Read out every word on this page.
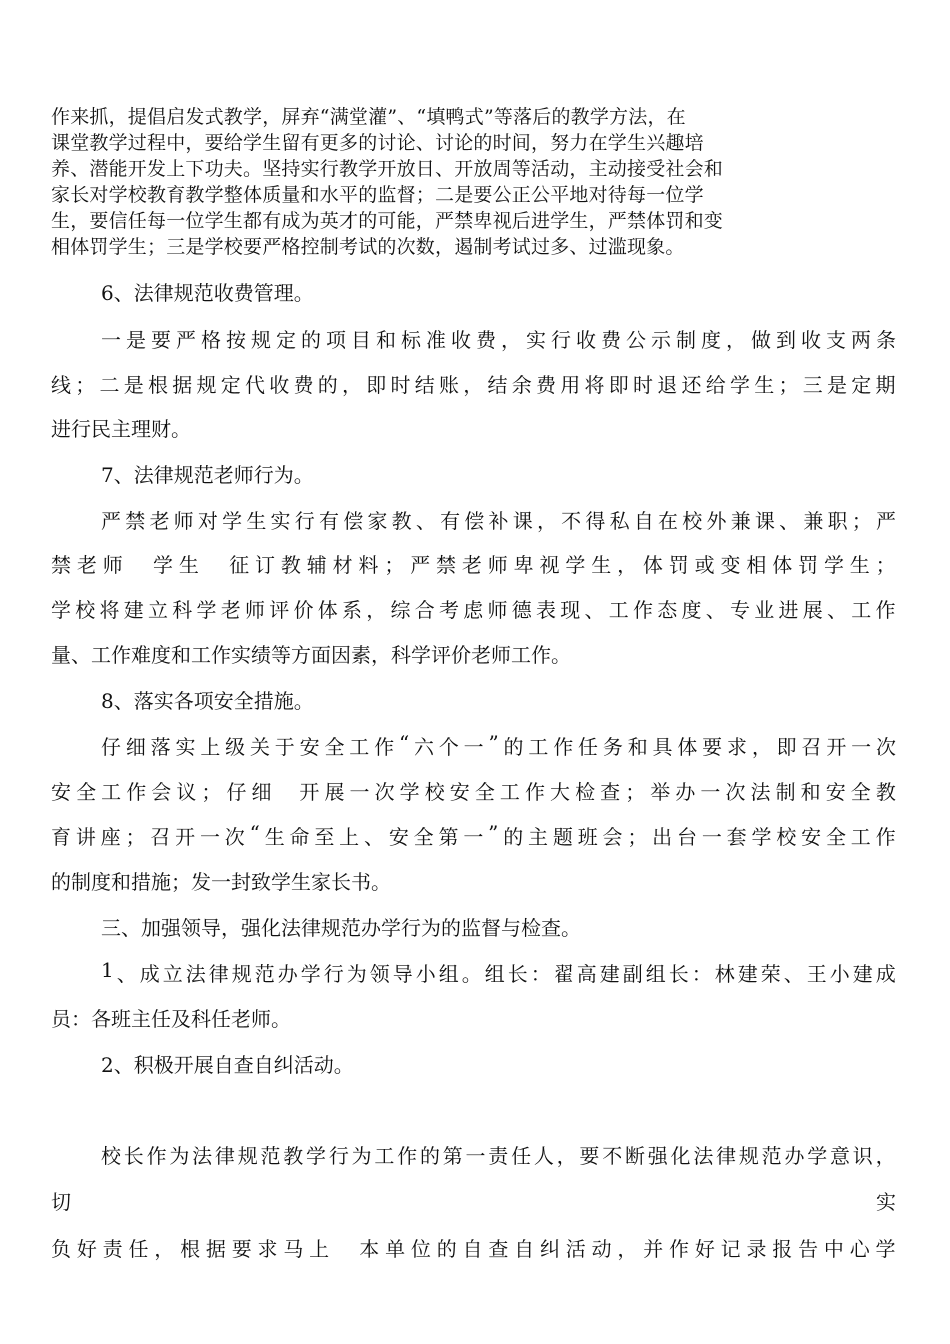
作来抓，提倡启发式教学，屏弃“满堂灌”、“填鸭式”等落后的教学方法，在
课堂教学过程中，要给学生留有更多的讨论、讨论的时间，努力在学生兴趣培
养、潜能开发上下功夫。坚持实行教学开放日、开放周等活动，主动接受社会和
家长对学校教育教学整体质量和水平的监督；二是要公正公平地对待每一位学
生，要信任每一位学生都有成为英才的可能，严禁卑视后进学生，严禁体罚和变
相体罚学生；三是学校要严格控制考试的次数，遏制考试过多、过滥现象。
6、法律规范收费管理。
一 是 要 严 格 按 规 定 的 项 目 和 标 准 收 费 ， 实 行 收 费 公 示 制 度 ， 做 到 收 支 两 条
线 ； 二 是 根 据 规 定 代 收 费 的 ， 即 时 结 账 ， 结 余 费 用 将 即 时 退 还 给 学 生 ； 三 是 定 期
进行民主理财。
7、法律规范老师行为。
严 禁 老 师 对 学 生 实 行 有 偿 家 教 、 有 偿 补 课 ， 不 得 私 自 在 校 外 兼 课 、 兼 职 ； 严
禁 老 师

学 生

征 订 教 辅 材 料 ； 严 禁 老 师 卑 视 学 生 ， 体 罚 或 变 相 体 罚 学 生 ；
学 校 将 建 立 科 学 老 师 评 价 体 系 ， 综 合 考 虑 师 德 表 现 、 工 作 态 度 、 专 业 进 展 、 工 作
量、工作难度和工作实绩等方面因素，科学评价老师工作。
8、落实各项安全措施。
仔 细 落 实 上 级 关 于 安 全 工 作 “ 六 个 一 ” 的 工 作 任 务 和 具 体 要 求 ， 即 召 开 一 次
安 全 工 作 会 议 ； 仔 细

开 展 一 次 学 校 安 全 工 作 大 检 查 ； 举 办 一 次 法 制 和 安 全 教
育 讲 座 ； 召 开 一 次 “ 生 命 至 上 、 安 全 第 一 ” 的 主 题 班 会 ； 出 台 一 套 学 校 安 全 工 作
的制度和措施；发一封致学生家长书。
三、加强领导，强化法律规范办学行为的监督与检查。
1 、 成 立 法 律 规 范 办 学 行 为 领 导 小 组 。 组 长 ： 翟 高 建 副 组 长 ： 林 建 荣 、 王 小 建 成
员：各班主任及科任老师。
2、积极开展自查自纠活动。
校 长 作 为 法 律 规 范 教 学 行 为 工 作 的 第 一 责 任 人 ， 要 不 断 强 化 法 律 规 范 办 学 意 识 ，
切	实
负 好 责 任 ， 根 据 要 求 马 上

本 单 位 的 自 查 自 纠 活 动 ， 并 作 好 记 录 报 告 中 心 学
